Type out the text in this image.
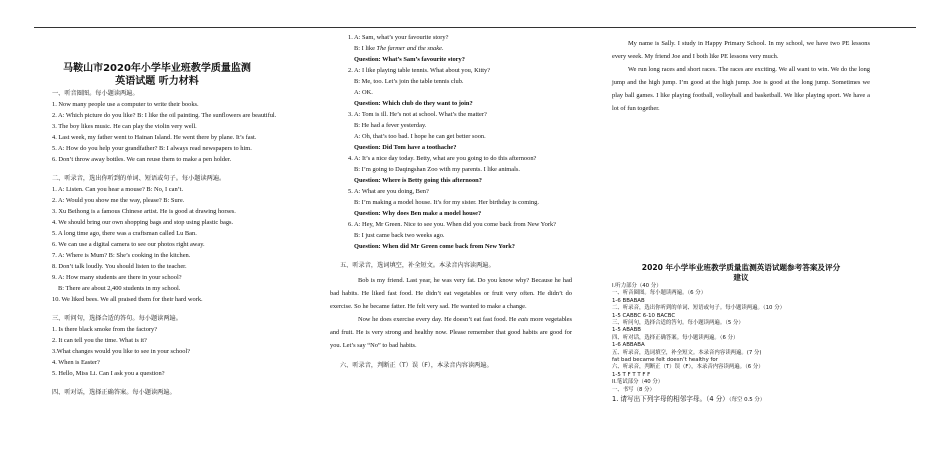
马鞍山市2020年小学毕业班教学质量监测
英语试题 听力材料

一、听音圈图。每小题读两遍。

1. Now many people use a computer to write their books.

2. A: Which picture do you like? B: I like the oil painting. The sunflowers are beautiful.

3. The boy likes music. He can play the violin very well.

4. Last week, my father went to Hainan Island. He went there by plane. It’s fast.

5. A: How do you help your grandfather? B: I always read newspapers to him.

6. Don’t throw away bottles. We can reuse them to make a pen holder.

二、听录音，选出你听到的单词、短语或句子。每小题读两遍。

1. A: Listen. Can you hear a mouse? B: No, I can’t.

2. A: Would you show me the way, please? B: Sure.

3. Xu Beihong is a famous Chinese artist. He is good at drawing horses.

4. We should bring our own shopping bags and stop using plastic bags.

5. A long time ago, there was a craftsman called Lu Ban.

6. We can use a digital camera to see our photos right away.

7. A: Where is Mum? B: She’s cooking in the kitchen.

8. Don’t talk loudly. You should listen to the teacher.

9. A: How many students are there in your school?

B: There are about 2,400 students in my school.

10. We liked bees. We all praised them for their hard work.

三、听问句，选择合适的答句。每小题读两遍。

1. Is there black smoke from the factory?

2. It can tell you the time. What is it?

3.What changes would you like to see in your school?

4. When is Easter?

5. Hello, Miss Li. Can I ask you a question?

四、听对话，选择正确答案。每小题读两遍。

1. A: Sam, what’s your favourite story?

B: I like The farmer and the snake.

Question: What’s Sam’s favourite story?

2. A: I like playing table tennis. What about you, Kitty?

B: Me, too. Let’s join the table tennis club.

A: OK.

Question: Which club do they want to join?

3. A: Tom is ill. He’s not at school. What’s the matter?

B: He had a fever yesterday.

A: Oh, that’s too bad. I hope he can get better soon.

Question: Did Tom have a toothache?

4. A: It’s a nice day today. Betty, what are you going to do this afternoon?

B: I’m going to Daqingshan Zoo with my parents. I like animals.

Question: Where is Betty going this afternoon?

5. A: What are you doing, Ben?

B: I’m making a model house. It’s for my sister. Her birthday is coming.

Question: Why does Ben make a model house?

6. A: Hey, Mr Green. Nice to see you. When did you come back from New York?

B: I just came back two weeks ago.

Question: When did Mr Green come back from New York?

五、听录音，选词填空，补全短文。本录音内容读两遍。

Bob is my friend. Last year, he was very fat. Do you know why? Because he had bad habits. He liked fast food. He didn’t eat vegetables or fruit very often. He didn’t do exercise. So he became fatter. He felt very sad. He wanted to make a change.

Now he does exercise every day. He doesn’t eat fast food. He eats more vegetables and fruit. He is very strong and healthy now. Please remember that good habits are good for you. Let’s say “No” to bad habits.

六、听录音，判断正（T）误（F），本录音内容读两遍。

My name is Sally. I study in Happy Primary School. In my school, we have two PE lessons every week. My friend Joe and I both like PE lessons very much.

We run long races and short races. The races are exciting. We all want to win. We do the long jump and the high jump. I’m good at the high jump. Joe is good at the long jump. Sometimes we play ball games. I like playing football, volleyball and basketball. We like playing sport. We have a lot of fun together.

2020 年小学毕业班教学质量监测英语试题参考答案及评分
建议

I.听力部分（40 分）

一、听音圈图。每小题读两遍。（6 分）

1-6 BBABAB

二、听录音，选出你听到的单词、短语或句子。每小题读两遍。（10 分）

1-5 CABBC 6-10 BACBC

三、听问句，选择合适的答句。每小题读两遍。（5 分）

1-5 ABABB

四、听对话，选择正确答案。每小题读两遍。（6 分）

1-6 ABBABA

五、听录音，选词填空，补全短文。本录音内容读两遍。(7 分)

fat bad became felt doesn’t healthy for

六、听录音，判断正（T）误（F），本录音内容读两遍。（6 分）

1-5 T F T T F F

II.笔试部分（40 分）

一、书写（8 分）

1. 请写出下列字母的相邻字母。（4 分）（每空 0.5 分）
